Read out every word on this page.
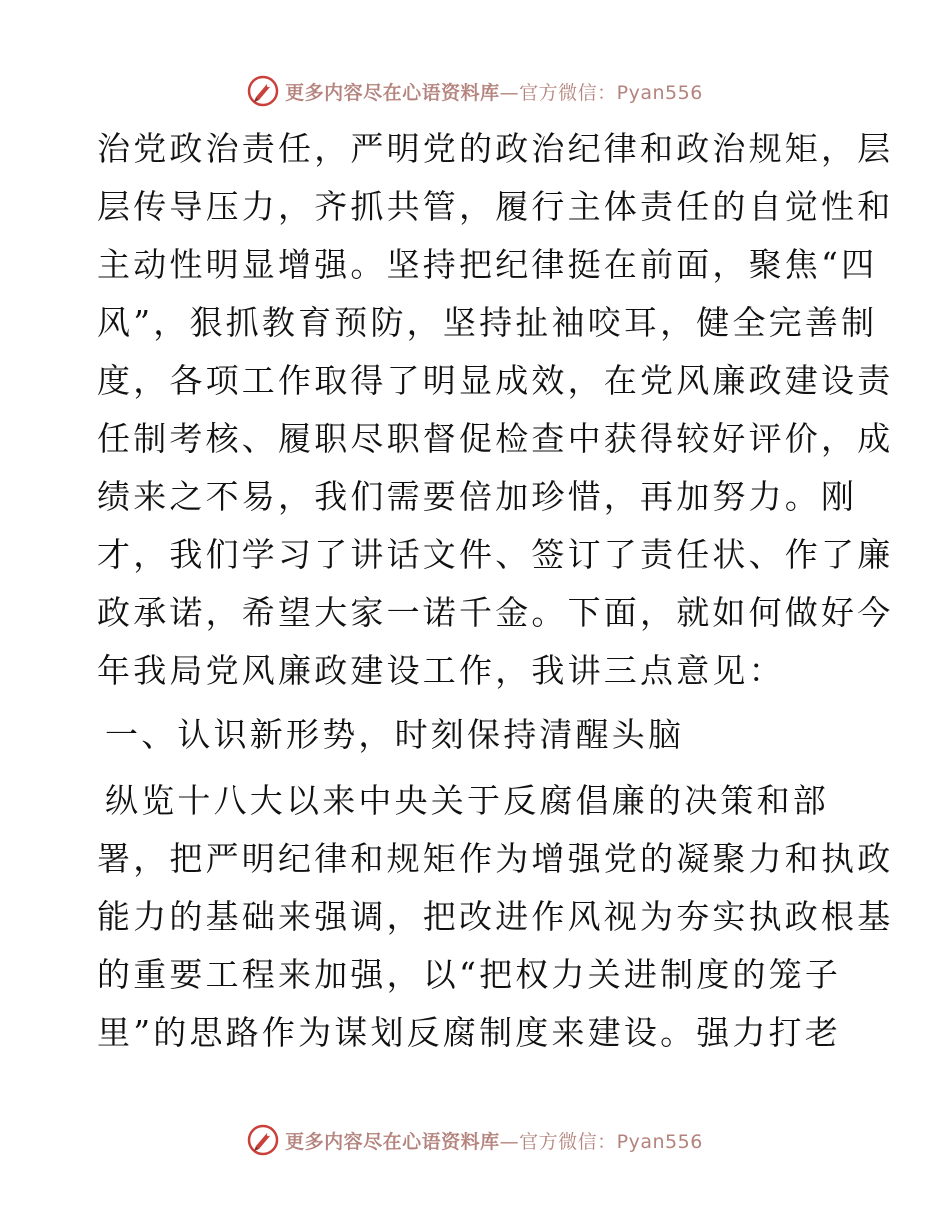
更多内容尽在心语资料库—官方微信：Pyan556
治党政治责任，严明党的政治纪律和政治规矩，层
层传导压力，齐抓共管，履行主体责任的自觉性和
主动性明显增强。坚持把纪律挺在前面，聚焦“四
风”，狠抓教育预防，坚持扯袖咬耳，健全完善制
度，各项工作取得了明显成效，在党风廉政建设责
任制考核、履职尽职督促检查中获得较好评价，成
绩来之不易，我们需要倍加珍惜，再加努力。刚
才，我们学习了讲话文件、签订了责任状、作了廉
政承诺，希望大家一诺千金。下面，就如何做好今
年我局党风廉政建设工作，我讲三点意见：
一、认识新形势，时刻保持清醒头脑
纵览十八大以来中央关于反腐倡廉的决策和部
署，把严明纪律和规矩作为增强党的凝聚力和执政
能力的基础来强调，把改进作风视为夯实执政根基
的重要工程来加强，以“把权力关进制度的笼子
里”的思路作为谋划反腐制度来建设。强力打老
更多内容尽在心语资料库—官方微信：Pyan556
